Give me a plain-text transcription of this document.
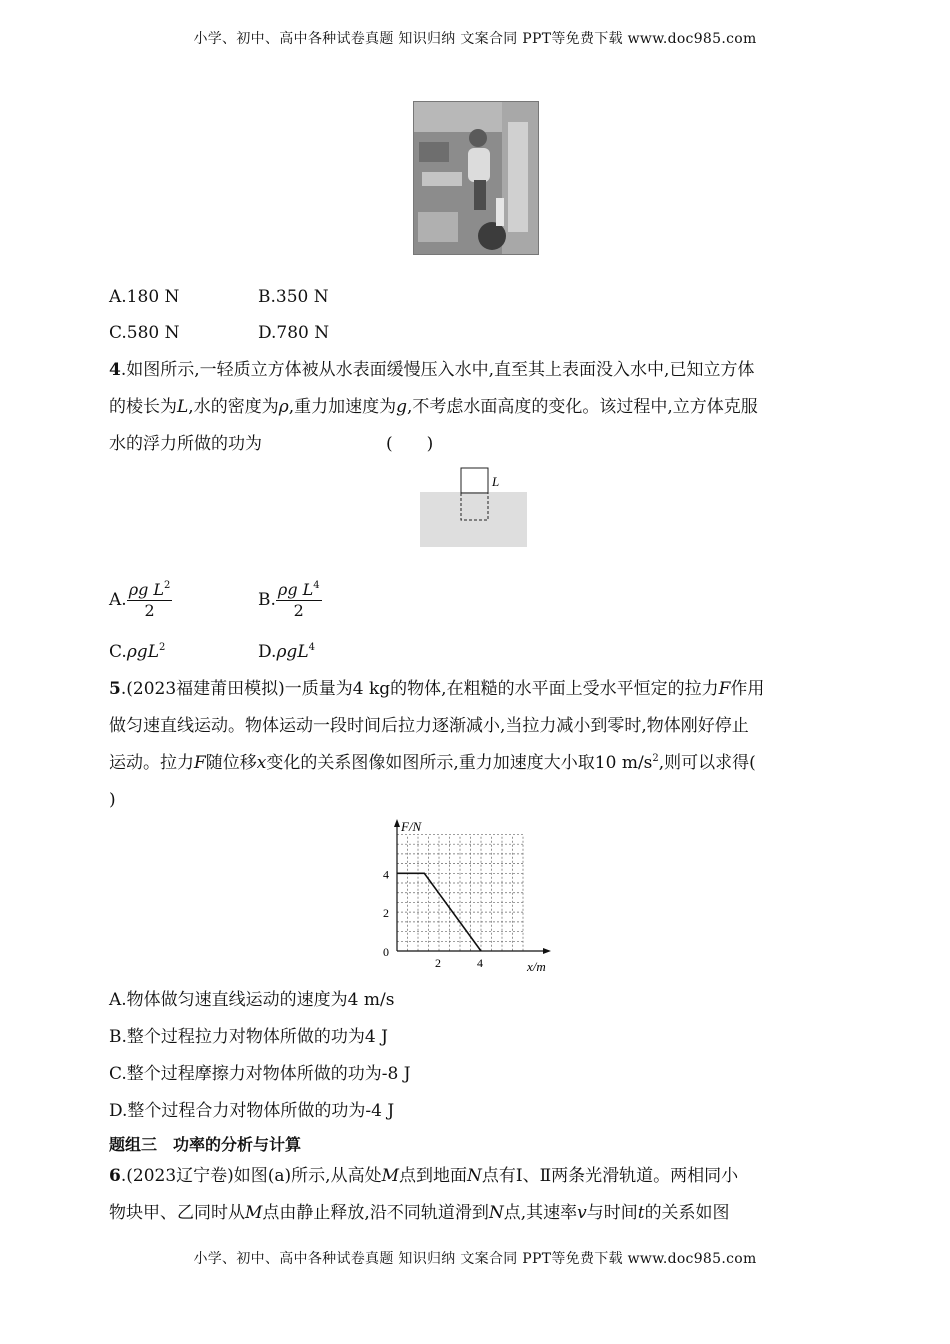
小学、初中、高中各种试卷真题 知识归纳 文案合同 PPT等免费下载 www.doc985.com
A.180 N	B.350 N
C.580 N	D.780 N
4.如图所示,一轻质立方体被从水表面缓慢压入水中,直至其上表面没入水中,已知立方体
的棱长为L,水的密度为ρ,重力加速度为g,不考虑水面高度的变化。该过程中,立方体克服
水的浮力所做的功为	(　　)
L
A. $\frac{\rho g L^2}{2}$	B. $\frac{\rho g L^4}{2}$
C.ρgL$^2$	D.ρgL$^4$
5.(2023福建莆田模拟)一质量为4 kg的物体,在粗糙的水平面上受水平恒定的拉力F作用
做匀速直线运动。物体运动一段时间后拉力逐渐减小,当拉力减小到零时,物体刚好停止
运动。拉力F随位移x变化的关系图像如图所示,重力加速度大小取10 $m/s^2$,则可以求得(
)
F/N
x/m
0
2
4
2	4
A.物体做匀速直线运动的速度为4 m/s
B.整个过程拉力对物体所做的功为4 J
C.整个过程摩擦力对物体所做的功为-8 J
D.整个过程合力对物体所做的功为-4 J
题组三　功率的分析与计算
6.(2023辽宁卷)如图(a)所示,从高处M点到地面N点有Ⅰ、Ⅱ两条光滑轨道。两相同小
物块甲、乙同时从M点由静止释放,沿不同轨道滑到N点,其速率v与时间t的关系如图
小学、初中、高中各种试卷真题 知识归纳 文案合同 PPT等免费下载 www.doc985.com
